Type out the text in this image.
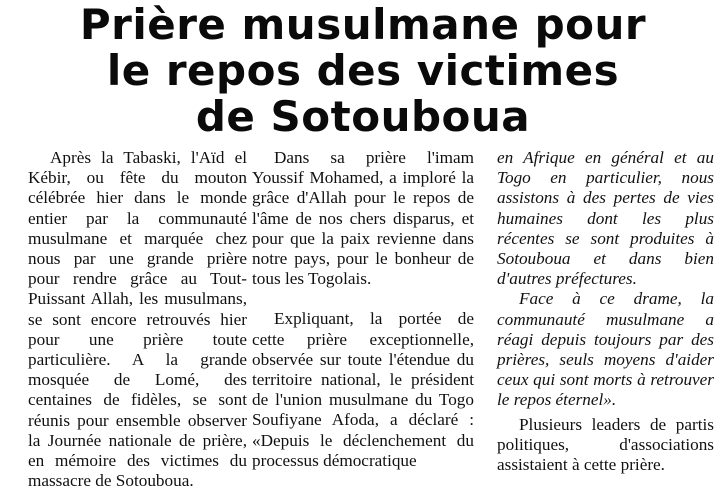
Prière musulmane pour
le repos des victimes
de Sotouboua

Après la Tabaski, l'Aïd el Kébir, ou fête du mouton célébrée hier dans le monde entier par la communauté musulmane et marquée chez nous par une grande prière pour rendre grâce au Tout-Puissant Allah, les musulmans, se sont encore retrouvés hier pour une prière toute particulière. A la grande mosquée de Lomé, des centaines de fidèles, se sont réunis pour ensemble observer la Journée nationale de prière, en mémoire des victimes du massacre de Sotouboua.

Dans sa prière l'imam Youssif Mohamed, a imploré la grâce d'Allah pour le repos de l'âme de nos chers disparus, et pour que la paix revienne dans notre pays, pour le bonheur de tous les Togolais.

Expliquant, la portée de cette prière exceptionnelle, observée sur toute l'étendue du territoire national, le président de l'union musulmane du Togo Soufiyane Afoda, a déclaré : «Depuis le déclenchement du processus démocratique

en Afrique en général et au Togo en particulier, nous assistons à des pertes de vies humaines dont les plus récentes se sont produites à Sotouboua et dans bien d'autres préfectures.

Face à ce drame, la communauté musulmane a réagi depuis toujours par des prières, seuls moyens d'aider ceux qui sont morts à retrouver le repos éternel».

Plusieurs leaders de partis politiques, d'associations assistaient à cette prière.
